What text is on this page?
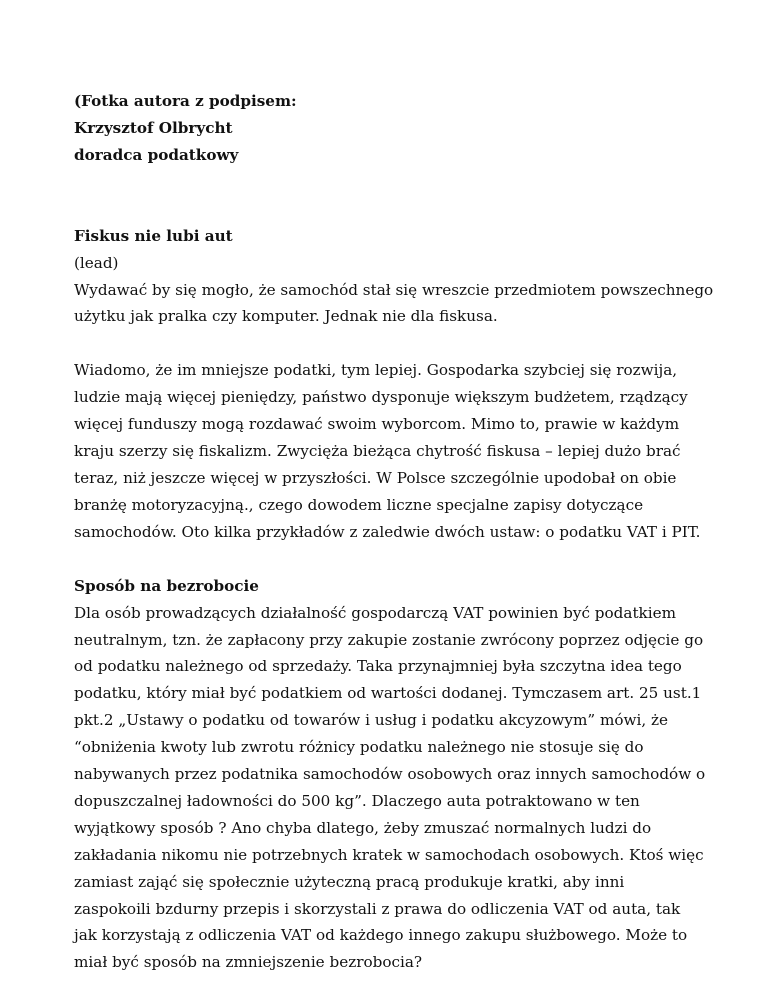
(Fotka autora z podpisem:
Krzysztof Olbrycht
doradca podatkowy
Fiskus nie lubi aut
(lead)
Wydawać by się mogło, że samochód stał się wreszcie przedmiotem powszechnego
użytku jak pralka czy komputer. Jednak nie dla fiskusa.
Wiadomo, że im mniejsze podatki, tym lepiej. Gospodarka szybciej się rozwija,
ludzie mają więcej pieniędzy, państwo dysponuje większym budżetem, rządzący
więcej funduszy mogą rozdawać swoim wyborcom. Mimo to, prawie w każdym
kraju szerzy się fiskalizm. Zwycięża bieżąca chytrość fiskusa – lepiej dużo brać
teraz, niż jeszcze więcej w przyszłości. W Polsce szczególnie upodobał on obie
branżę motoryzacyjną., czego dowodem liczne specjalne zapisy dotyczące
samochodów. Oto kilka przykładów z zaledwie dwóch ustaw: o podatku VAT i PIT.
Sposób na bezrobocie
Dla osób prowadzących działalność gospodarczą VAT powinien być podatkiem
neutralnym, tzn. że zapłacony przy zakupie zostanie zwrócony poprzez odjęcie go
od podatku należnego od sprzedaży. Taka przynajmniej była szczytna idea tego
podatku, który miał być podatkiem od wartości dodanej. Tymczasem art. 25 ust.1
pkt.2 „Ustawy o podatku od towarów i usług i podatku akcyzowym” mówi, że
“obniżenia kwoty lub zwrotu różnicy podatku należnego nie stosuje się do
nabywanych przez podatnika samochodów osobowych oraz innych samochodów o
dopuszczalnej ładowności do 500 kg”. Dlaczego auta potraktowano w ten
wyjątkowy sposób ? Ano chyba dlatego, żeby zmuszać normalnych ludzi do
zakładania nikomu nie potrzebnych kratek w samochodach osobowych. Ktoś więc
zamiast zająć się społecznie użyteczną pracą produkuje kratki, aby inni
zaspokoili bzdurny przepis i skorzystali z prawa do odliczenia VAT od auta, tak
jak korzystają z odliczenia VAT od każdego innego zakupu służbowego. Może to
miał być sposób na zmniejszenie bezrobocia?
